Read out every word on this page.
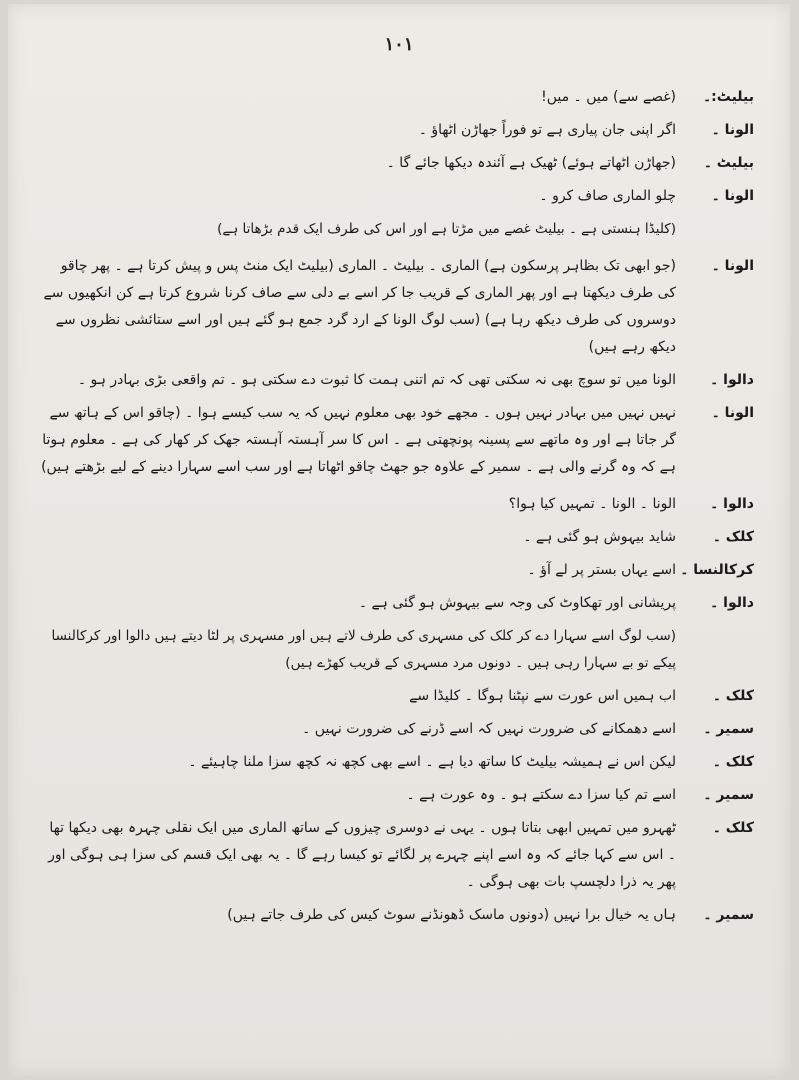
۱۰۱
بیلیٹ:۔
(غصے سے) میں ۔ میں!
الونا ۔
اگر اپنی جان پیاری ہے تو فوراً جھاڑن اٹھاؤ ۔
بیلیٹ ۔
(جھاڑن اٹھاتے ہوئے) ٹھیک ہے آئندہ دیکھا جائے گا ۔
الونا ۔
چلو الماری صاف کرو ۔
(کلیڈا ہنستی ہے ۔ بیلیٹ غصے میں مڑتا ہے اور اس کی طرف ایک قدم بڑھاتا ہے)
الونا ۔
(جو ابھی تک بظاہر پرسکون ہے) الماری ۔ بیلیٹ ۔ الماری (بیلیٹ ایک منٹ پس و پیش کرتا ہے ۔ پھر چاقو کی طرف دیکھتا ہے اور پھر الماری کے قریب جا کر اسے بے دلی سے صاف کرنا شروع کرتا ہے کن انکھیوں سے دوسروں کی طرف دیکھ رہا ہے) (سب لوگ الونا کے ارد گرد جمع ہو گئے ہیں اور اسے ستائشی نظروں سے دیکھ رہے ہیں)
دالوا ۔
الونا میں تو سوچ بھی نہ سکتی تھی کہ تم اتنی ہمت کا ثبوت دے سکتی ہو ۔ تم واقعی بڑی بہادر ہو ۔
الونا ۔
نہیں نہیں میں بہادر نہیں ہوں ۔ مجھے خود بھی معلوم نہیں کہ یہ سب کیسے ہوا ۔ (چاقو اس کے ہاتھ سے گر جاتا ہے اور وہ ماتھے سے پسینہ پونچھتی ہے ۔ اس کا سر آہستہ آہستہ جھک کر کھار کی ہے ۔ معلوم ہوتا ہے کہ وہ گرنے والی ہے ۔ سمیر کے علاوہ جو جھٹ چاقو اٹھاتا ہے اور سب اسے سہارا دینے کے لیے بڑھتے ہیں)
دالوا ۔
الونا ۔ الونا ۔ تمہیں کیا ہوا؟
کلک ۔
شاید بیہوش ہو گئی ہے ۔
کرکالنسا ۔
اسے یہاں بستر پر لے آؤ ۔
دالوا ۔
پریشانی اور تھکاوٹ کی وجہ سے بیہوش ہو گئی ہے ۔
(سب لوگ اسے سہارا دے کر کلک کی مسہری کی طرف لاتے ہیں اور مسہری پر لٹا دیتے ہیں دالوا اور کرکالنسا پیکے تو بے سہارا رہی ہیں ۔ دونوں مرد مسہری کے قریب کھڑے ہیں)
کلک ۔
اب ہمیں اس عورت سے نپٹنا ہوگا ۔ کلیڈا سے
سمیر ۔
اسے دھمکانے کی ضرورت نہیں کہ اسے ڈرنے کی ضرورت نہیں ۔
کلک ۔
لیکن اس نے ہمیشہ بیلیٹ کا ساتھ دیا ہے ۔ اسے بھی کچھ نہ کچھ سزا ملنا چاہیئے ۔
سمیر ۔
اسے تم کیا سزا دے سکتے ہو ۔ وہ عورت ہے ۔
کلک ۔
ٹھہرو میں تمہیں ابھی بتاتا ہوں ۔ یہی نے دوسری چیزوں کے ساتھ الماری میں ایک نقلی چہرہ بھی دیکھا تھا ۔ اس سے کہا جائے کہ وہ اسے اپنے چہرے پر لگائے تو کیسا رہے گا ۔ یہ بھی ایک قسم کی سزا ہی ہوگی اور پھر یہ ذرا دلچسپ بات بھی ہوگی ۔
سمیر ۔
ہاں یہ خیال برا نہیں (دونوں ماسک ڈھونڈنے سوٹ کیس کی طرف جاتے ہیں)
